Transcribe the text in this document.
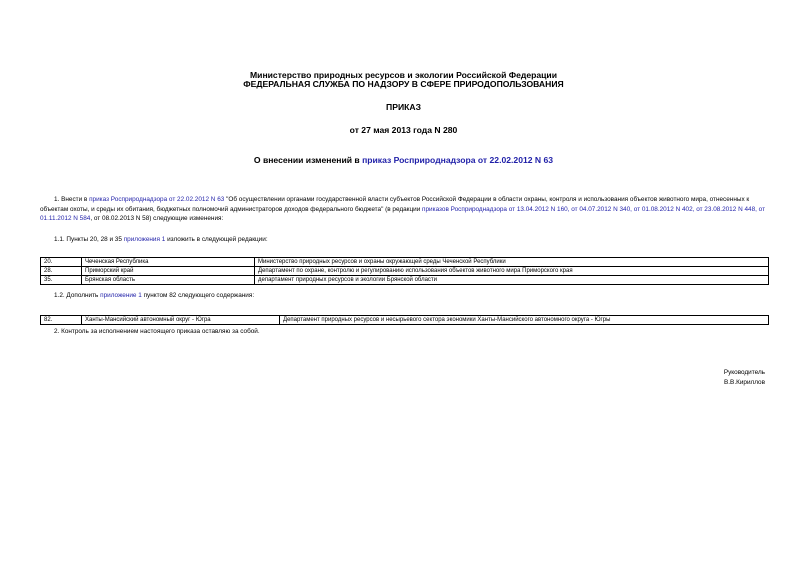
Министерство природных ресурсов и экологии Российской Федерации
ФЕДЕРАЛЬНАЯ СЛУЖБА ПО НАДЗОРУ В СФЕРЕ ПРИРОДОПОЛЬЗОВАНИЯ
ПРИКАЗ
от 27 мая 2013 года N 280
О внесении изменений в приказ Росприроднадзора от 22.02.2012 N 63
1. Внести в приказ Росприроднадзора от 22.02.2012 N 63 "Об осуществлении органами государственной власти субъектов Российской Федерации в области охраны, контроля и использования объектов животного мира, отнесенных к объектам охоты, и среды их обитания, бюджетных полномочий администраторов доходов федерального бюджета" (в редакции приказов Росприроднадзора от 13.04.2012 N 160, от 04.07.2012 N 340, от 01.08.2012 N 402, от 23.08.2012 N 448, от 01.11.2012 N 584, от 08.02.2013 N 58) следующие изменения:
1.1. Пункты 20, 28 и 35 приложения 1 изложить в следующей редакции:
20.	Чеченская Республика	Министерство природных ресурсов и охраны окружающей среды Чеченской Республики
28.	Приморский край	Департамент по охране, контролю и регулированию использования объектов животного мира Приморского края
35.	Брянская область	департамент природных ресурсов и экологии Брянской области
1.2. Дополнить приложение 1 пунктом 82 следующего содержания:
82.	Ханты-Мансийский автономный округ - Югра	Департамент природных ресурсов и несырьевого сектора экономики Ханты-Мансийского автономного округа - Югры
2. Контроль за исполнением настоящего приказа оставляю за собой.
Руководитель
В.В.Кириллов
